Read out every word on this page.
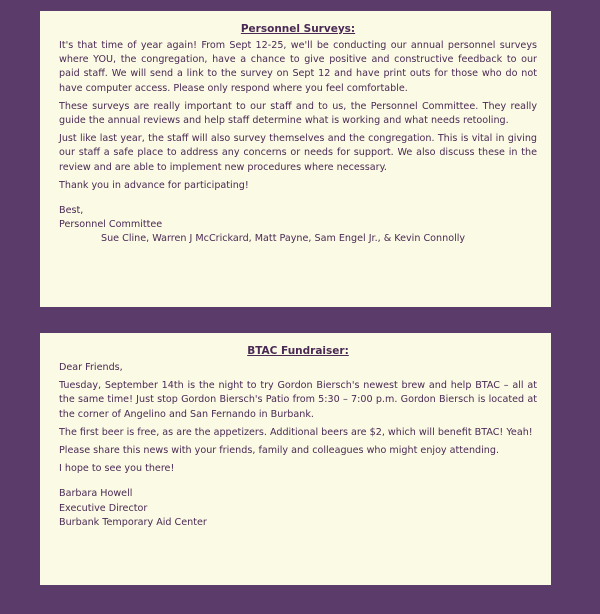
Personnel Surveys:

It's that time of year again! From Sept 12-25, we'll be conducting our annual personnel surveys where YOU, the congregation, have a chance to give positive and constructive feedback to our paid staff. We will send a link to the survey on Sept 12 and have print outs for those who do not have computer access. Please only respond where you feel comfortable.

These surveys are really important to our staff and to us, the Personnel Committee. They really guide the annual reviews and help staff determine what is working and what needs retooling.

Just like last year, the staff will also survey themselves and the congregation. This is vital in giving our staff a safe place to address any concerns or needs for support. We also discuss these in the review and are able to implement new procedures where necessary.

Thank you in advance for participating!

Best,

Personnel Committee

Sue Cline, Warren J McCrickard, Matt Payne, Sam Engel Jr., & Kevin Connolly

BTAC Fundraiser:

Dear Friends,

Tuesday, September 14th is the night to try Gordon Biersch's newest brew and help BTAC – all at the same time! Just stop Gordon Biersch's Patio from 5:30 – 7:00 p.m. Gordon Biersch is located at the corner of Angelino and San Fernando in Burbank.

The first beer is free, as are the appetizers. Additional beers are $2, which will benefit BTAC! Yeah!

Please share this news with your friends, family and colleagues who might enjoy attending.

I hope to see you there!

Barbara Howell

Executive Director

Burbank Temporary Aid Center
